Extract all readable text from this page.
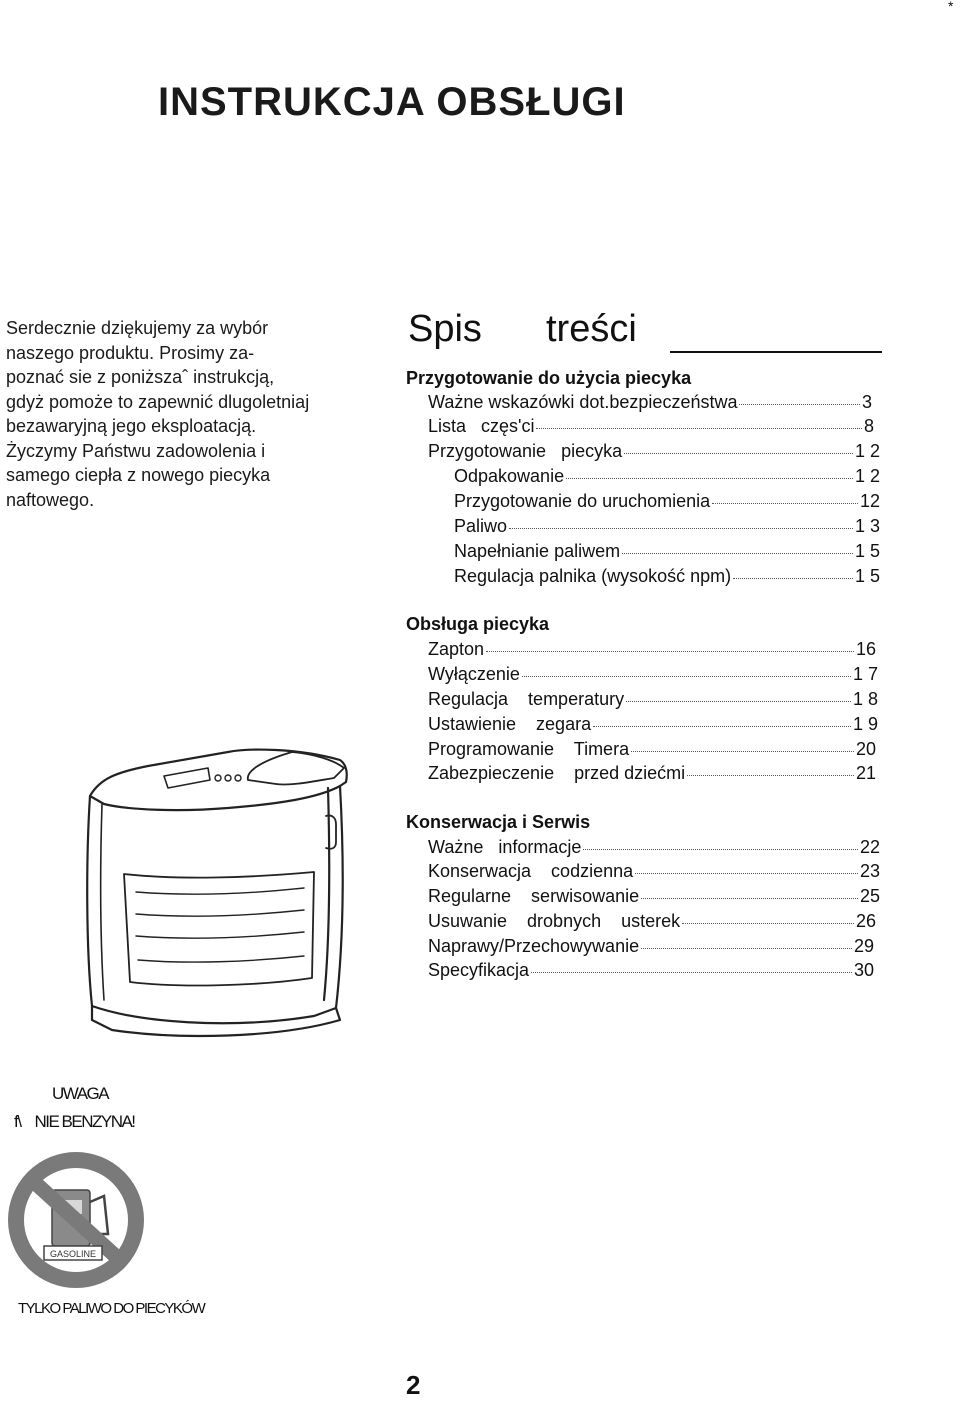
*
INSTRUKCJA OBSŁUGI
Serdecznie dziękujemy za wybór
naszego produktu. Prosimy za-
poznać sie z poniższaˆ instrukcją,
gdyż pomoże to zapewnić dlugoletniaj
bezawaryjną jego eksploatacją.
Życzymy Państwu zadowolenia i
samego ciepła z nowego piecyka
naftowego.
Spis treści
Przygotowanie do użycia piecyka
Ważne wskazówki dot.bezpieczeństwa	3
Lista   częs'ci	8
Przygotowanie   piecyka	1 2
Odpakowanie	1 2
Przygotowanie do uruchomienia	12
Paliwo	1 3
Napełnianie paliwem	1 5
Regulacja palnika (wysokość npm)	1 5
Obsługa piecyka
Zapton	16
Wyłączenie	1 7
Regulacja    temperatury	1 8
Ustawienie    zegara	1 9
Programowanie    Timera	20
Zabezpieczenie    przed dziećmi	21
Konserwacja i Serwis
Ważne   informacje	22
Konserwacja    codzienna	23
Regularne    serwisowanie	25
Usuwanie    drobnych    usterek	26
Naprawy/Przechowywanie	29
Specyfikacja	30
UWAGA
f\ NIE BENZYNA!
GASOLINE
TYLKO PALIWO DO PIECYKÓW
2
